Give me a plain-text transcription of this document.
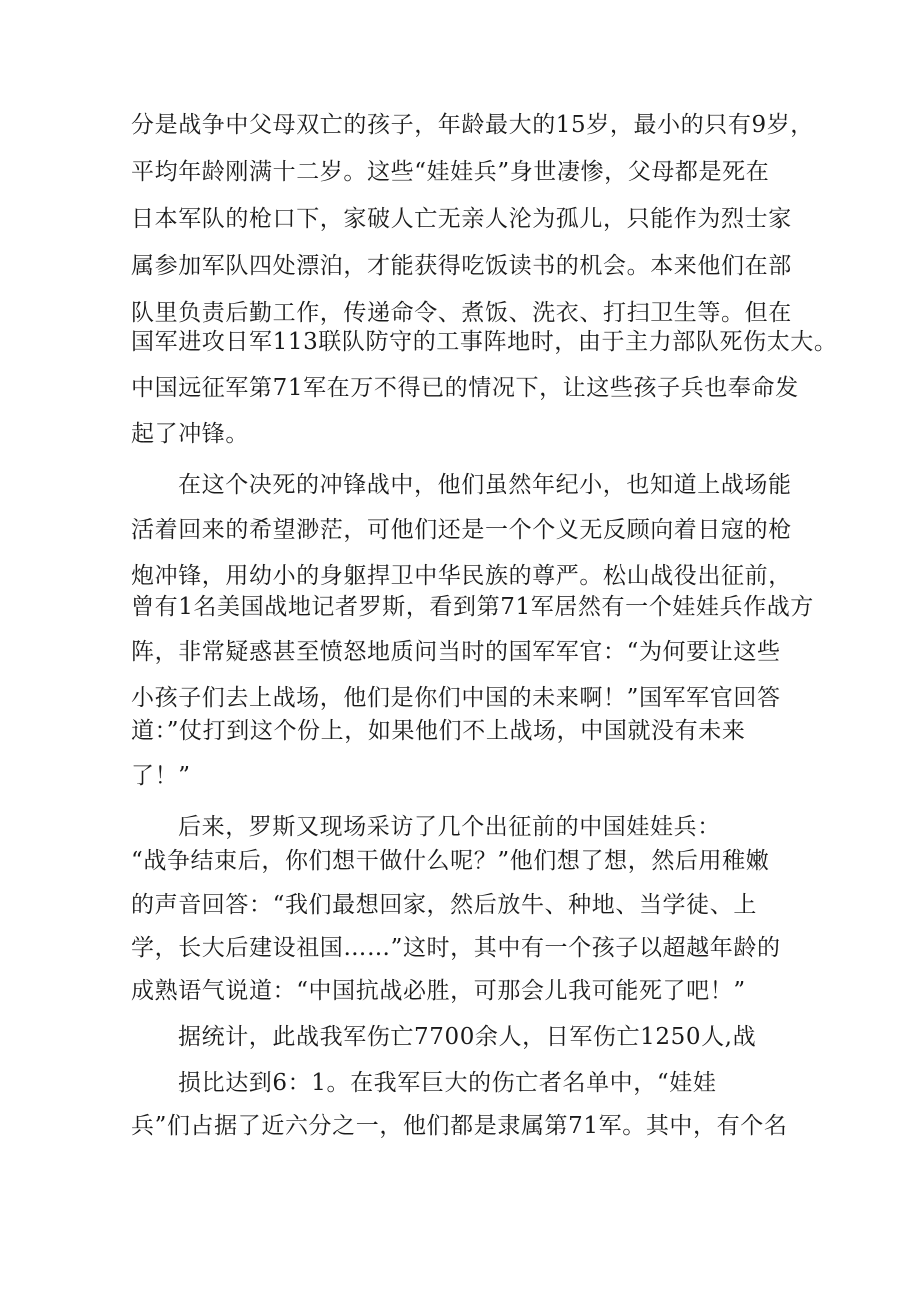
分是战争中父母双亡的孩子，年龄最大的15岁，最小的只有9岁，
平均年龄刚满十二岁。这些“娃娃兵”身世凄惨，父母都是死在
日本军队的枪口下，家破人亡无亲人沦为孤儿，只能作为烈士家
属参加军队四处漂泊，才能获得吃饭读书的机会。本来他们在部
队里负责后勤工作，传递命令、煮饭、洗衣、打扫卫生等。但在
国军进攻日军113联队防守的工事阵地时，由于主力部队死伤太大。
中国远征军第71军在万不得已的情况下，让这些孩子兵也奉命发
起了冲锋。
在这个决死的冲锋战中，他们虽然年纪小，也知道上战场能
活着回来的希望渺茫，可他们还是一个个义无反顾向着日寇的枪
炮冲锋，用幼小的身躯捍卫中华民族的尊严。松山战役出征前，
曾有1名美国战地记者罗斯，看到第71军居然有一个娃娃兵作战方
阵，非常疑惑甚至愤怒地质问当时的国军军官：“为何要让这些
小孩子们去上战场，他们是你们中国的未来啊！”国军军官回答
道：”仗打到这个份上，如果他们不上战场，中国就没有未来
了！”
后来，罗斯又现场采访了几个出征前的中国娃娃兵：
“战争结束后，你们想干做什么呢？”他们想了想，然后用稚嫩
的声音回答：“我们最想回家，然后放牛、种地、当学徒、上
学，长大后建设祖国……”这时，其中有一个孩子以超越年龄的
成熟语气说道：“中国抗战必胜，可那会儿我可能死了吧！”
据统计，此战我军伤亡7700余人，日军伤亡1250人,战
损比达到6：1。在我军巨大的伤亡者名单中，“娃娃
兵”们占据了近六分之一，他们都是隶属第71军。其中，有个名
